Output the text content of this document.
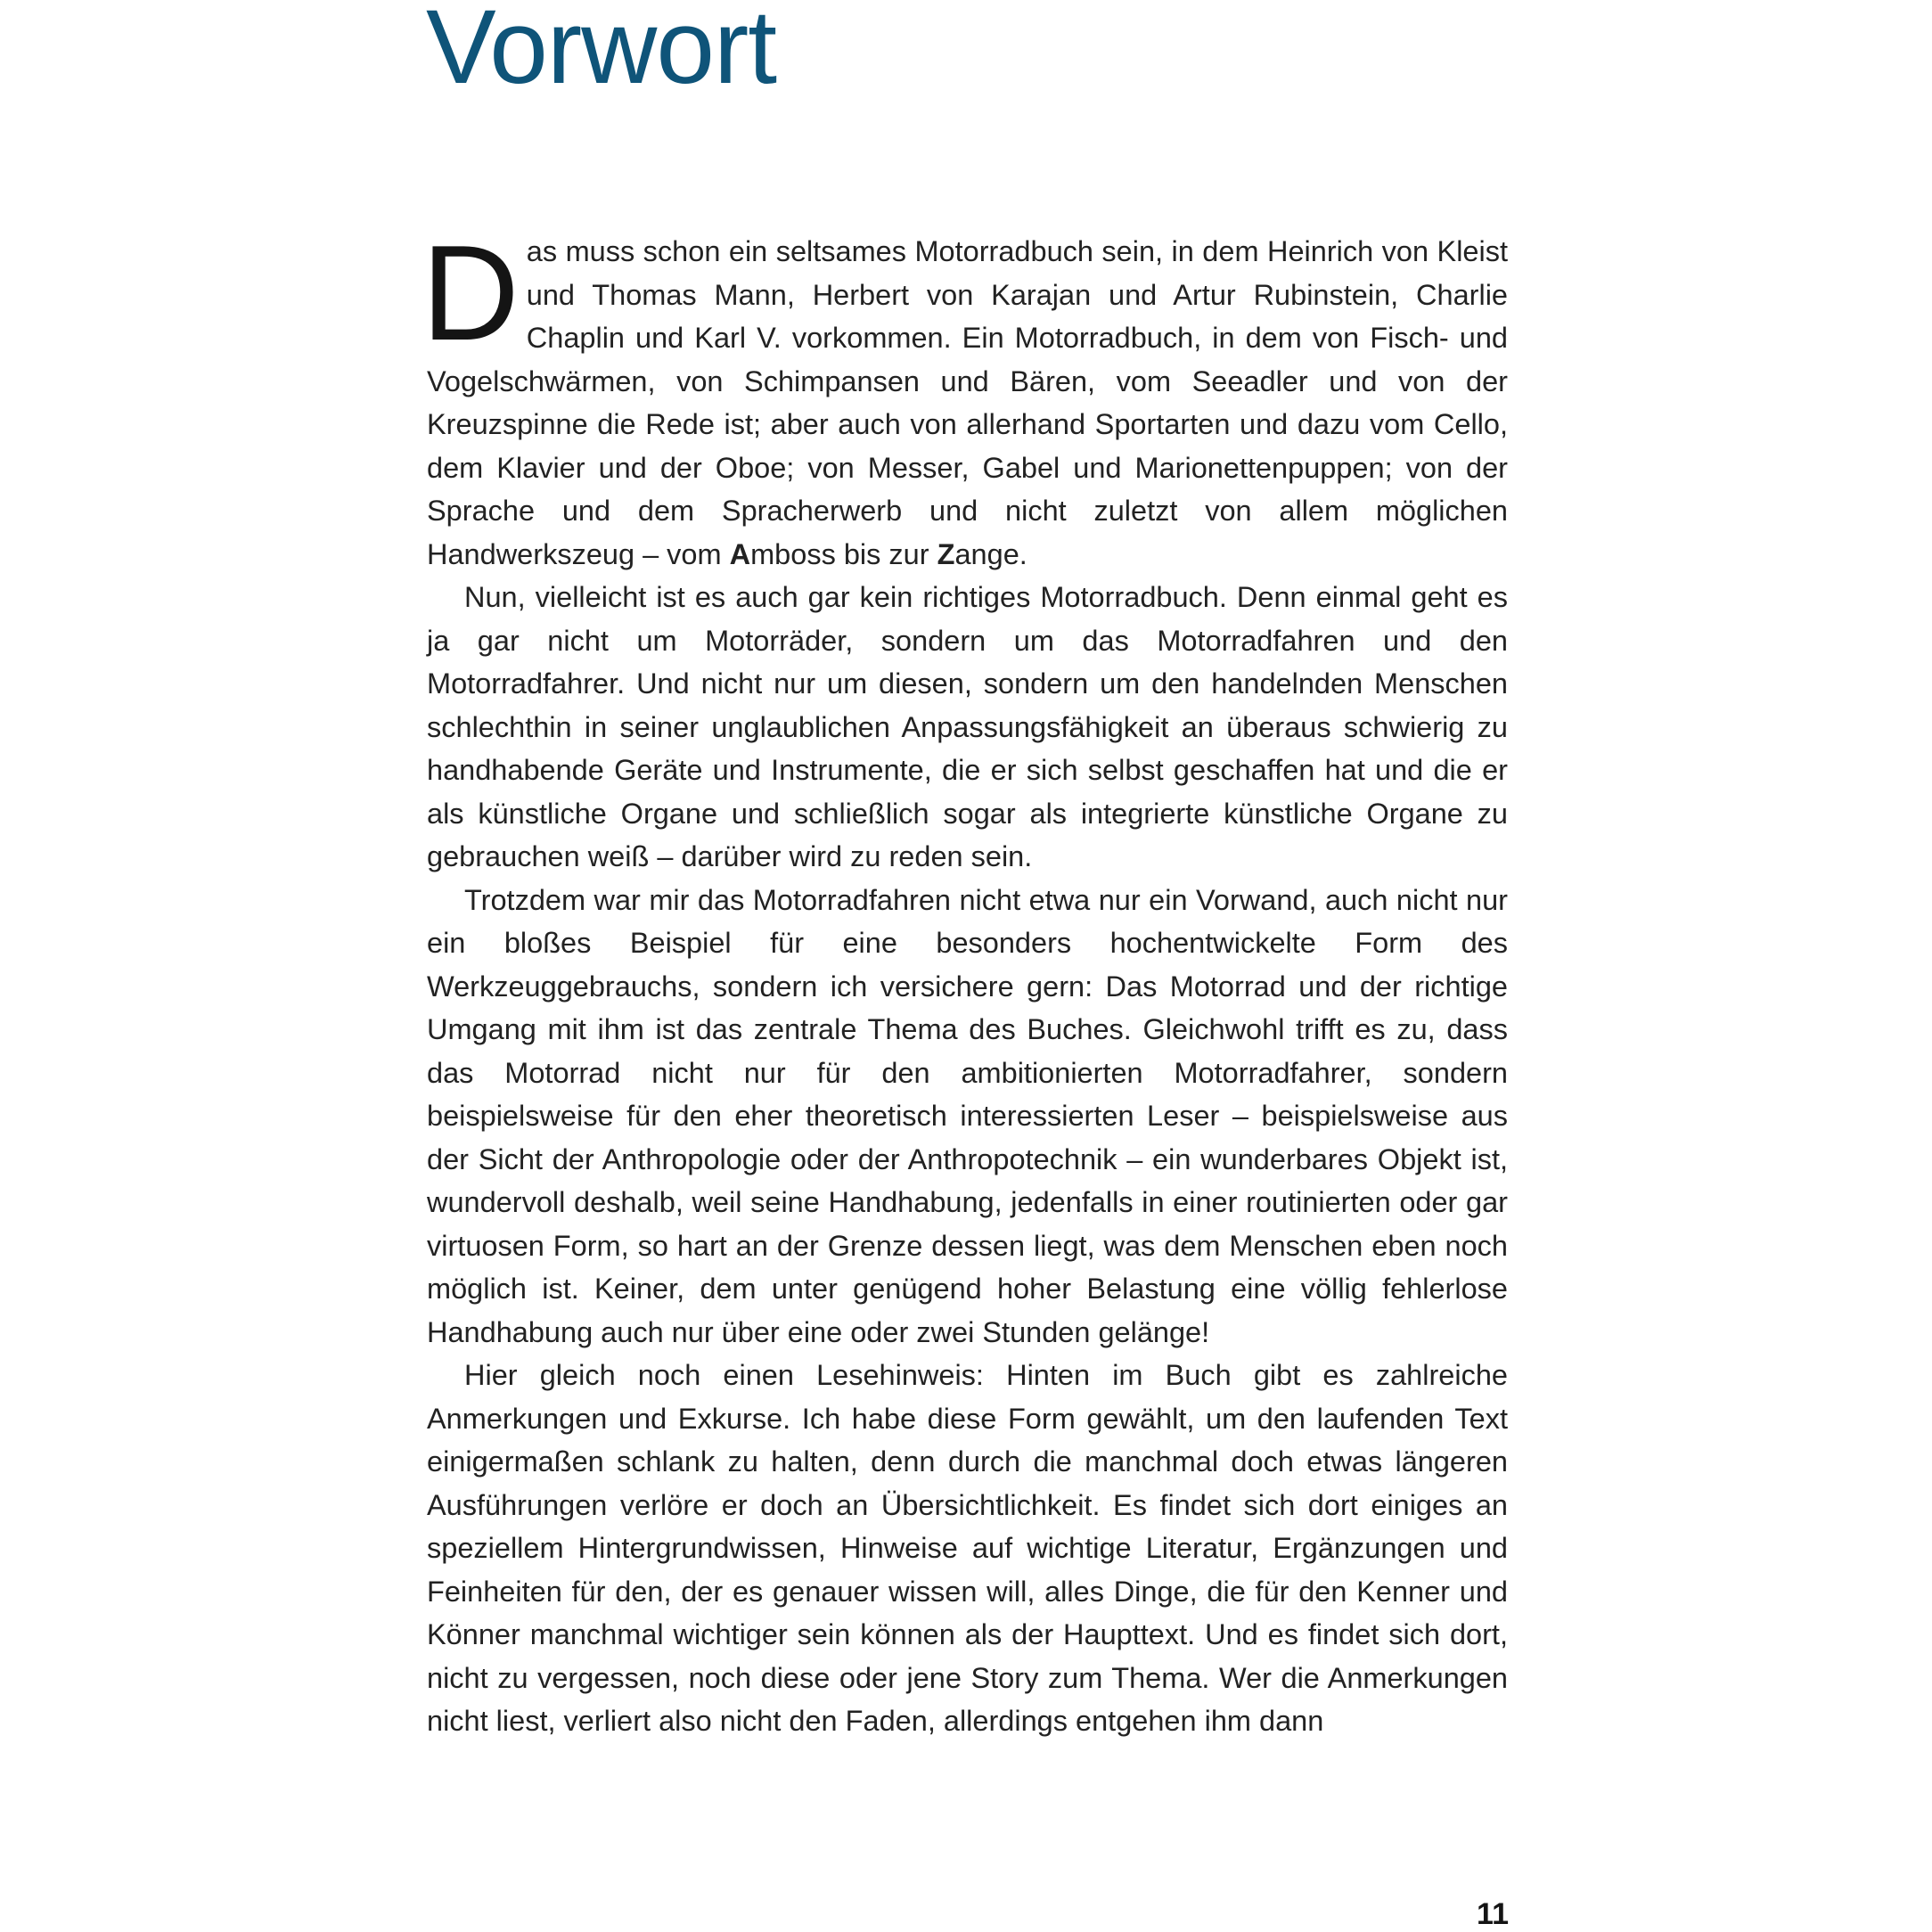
Vorwort

Das muss schon ein seltsames Motorradbuch sein, in dem Heinrich von Kleist und Thomas Mann, Herbert von Karajan und Artur Rubinstein, Charlie Chaplin und Karl V. vorkommen. Ein Motorradbuch, in dem von Fisch- und Vogelschwärmen, von Schimpansen und Bären, vom Seeadler und von der Kreuzspinne die Rede ist; aber auch von allerhand Sportarten und dazu vom Cello, dem Klavier und der Oboe; von Messer, Gabel und Marionettenpuppen; von der Sprache und dem Spracherwerb und nicht zuletzt von allem möglichen Handwerkszeug – vom Amboss bis zur Zange.

Nun, vielleicht ist es auch gar kein richtiges Motorradbuch. Denn einmal geht es ja gar nicht um Motorräder, sondern um das Motorradfahren und den Motorradfahrer. Und nicht nur um diesen, sondern um den handelnden Menschen schlechthin in seiner unglaublichen Anpassungsfähigkeit an überaus schwierig zu handhabende Geräte und Instrumente, die er sich selbst geschaffen hat und die er als künstliche Organe und schließlich sogar als integrierte künstliche Organe zu gebrauchen weiß – darüber wird zu reden sein.

Trotzdem war mir das Motorradfahren nicht etwa nur ein Vorwand, auch nicht nur ein bloßes Beispiel für eine besonders hochentwickelte Form des Werkzeuggebrauchs, sondern ich versichere gern: Das Motorrad und der richtige Umgang mit ihm ist das zentrale Thema des Buches. Gleichwohl trifft es zu, dass das Motorrad nicht nur für den ambitionierten Motorradfahrer, sondern beispielsweise für den eher theoretisch interessierten Leser – beispielsweise aus der Sicht der Anthropologie oder der Anthropotechnik – ein wunderbares Objekt ist, wundervoll deshalb, weil seine Handhabung, jedenfalls in einer routinierten oder gar virtuosen Form, so hart an der Grenze dessen liegt, was dem Menschen eben noch möglich ist. Keiner, dem unter genügend hoher Belastung eine völlig fehlerlose Handhabung auch nur über eine oder zwei Stunden gelänge!

Hier gleich noch einen Lesehinweis: Hinten im Buch gibt es zahlreiche Anmerkungen und Exkurse. Ich habe diese Form gewählt, um den laufenden Text einigermaßen schlank zu halten, denn durch die manchmal doch etwas längeren Ausführungen verlöre er doch an Übersichtlichkeit. Es findet sich dort einiges an speziellem Hintergrundwissen, Hinweise auf wichtige Literatur, Ergänzungen und Feinheiten für den, der es genauer wissen will, alles Dinge, die für den Kenner und Könner manchmal wichtiger sein können als der Haupttext. Und es findet sich dort, nicht zu vergessen, noch diese oder jene Story zum Thema. Wer die Anmerkungen nicht liest, verliert also nicht den Faden, allerdings entgehen ihm dann

11
